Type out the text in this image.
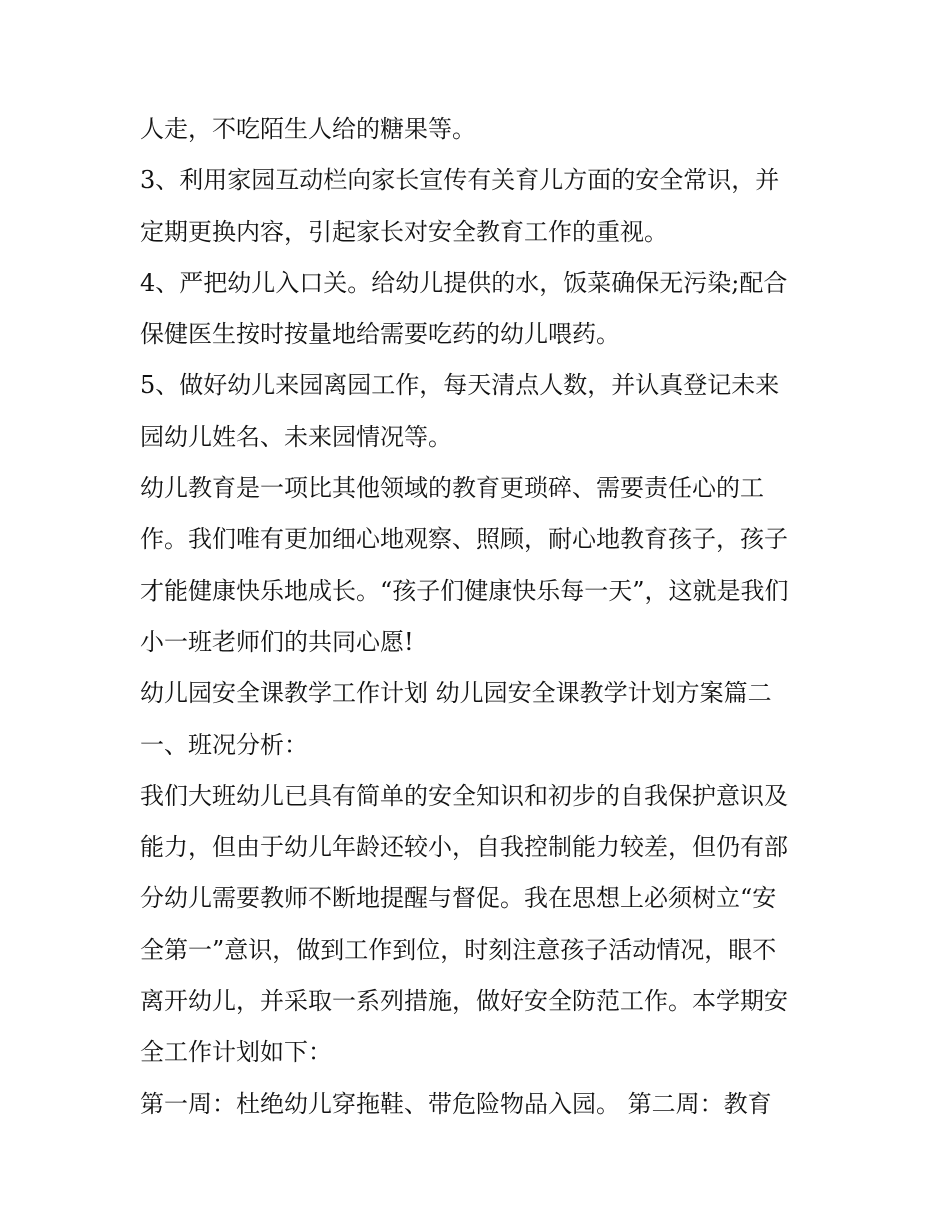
人走，不吃陌生人给的糖果等。
3、利用家园互动栏向家长宣传有关育儿方面的安全常识，并
定期更换内容，引起家长对安全教育工作的重视。
4、严把幼儿入口关。给幼儿提供的水，饭菜确保无污染;配合
保健医生按时按量地给需要吃药的幼儿喂药。
5、做好幼儿来园离园工作，每天清点人数，并认真登记未来
园幼儿姓名、未来园情况等。
幼儿教育是一项比其他领域的教育更琐碎、需要责任心的工
作。我们唯有更加细心地观察、照顾，耐心地教育孩子，孩子
才能健康快乐地成长。“孩子们健康快乐每一天”，这就是我们
小一班老师们的共同心愿!
幼儿园安全课教学工作计划 幼儿园安全课教学计划方案篇二
一、班况分析：
我们大班幼儿已具有简单的安全知识和初步的自我保护意识及
能力，但由于幼儿年龄还较小，自我控制能力较差，但仍有部
分幼儿需要教师不断地提醒与督促。我在思想上必须树立“安
全第一”意识，做到工作到位，时刻注意孩子活动情况，眼不
离开幼儿，并采取一系列措施，做好安全防范工作。本学期安
全工作计划如下：
第一周：杜绝幼儿穿拖鞋、带危险物品入园。 第二周：教育
